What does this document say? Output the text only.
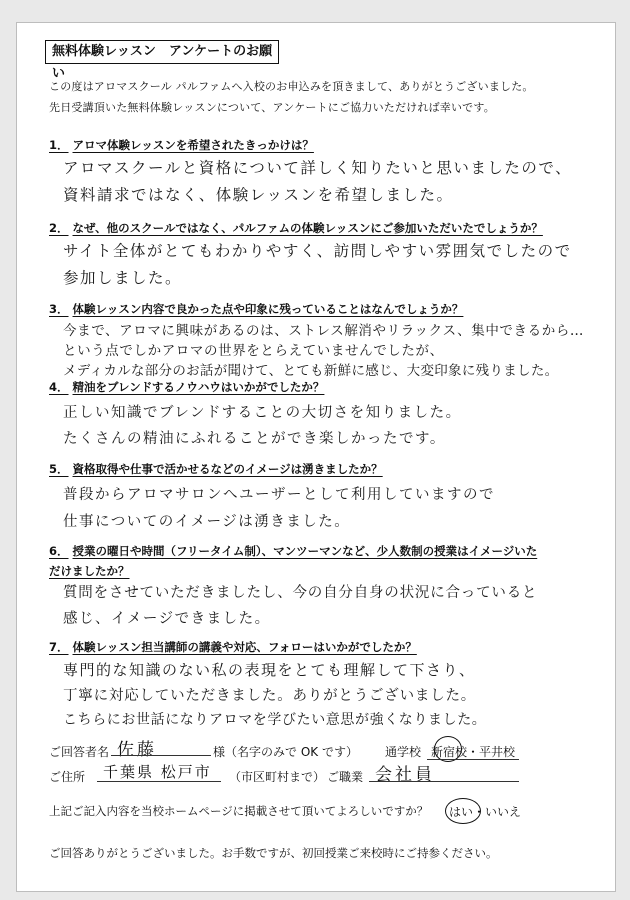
無料体験レッスン　アンケートのお願い
この度はアロマスクール パルファムへ入校のお申込みを頂きまして、ありがとうございました。
先日受講頂いた無料体験レッスンについて、アンケートにご協力いただければ幸いです。
1． アロマ体験レッスンを希望されたきっかけは？
アロマスクールと資格について詳しく知りたいと思いましたので、
資料請求ではなく、体験レッスンを希望しました。
2． なぜ、他のスクールではなく、パルファムの体験レッスンにご参加いただいたでしょうか？
サイト全体がとてもわかりやすく、訪問しやすい雰囲気でしたので
参加しました。
3． 体験レッスン内容で良かった点や印象に残っていることはなんでしょうか？
今まで、アロマに興味があるのは、ストレス解消やリラックス、集中できるから…
という点でしかアロマの世界をとらえていませんでしたが、
メディカルな部分のお話が聞けて、とても新鮮に感じ、大変印象に残りました。
4． 精油をブレンドするノウハウはいかがでしたか？
正しい知識でブレンドすることの大切さを知りました。
たくさんの精油にふれることができ楽しかったです。
5． 資格取得や仕事で活かせるなどのイメージは湧きましたか？
普段からアロマサロンへユーザーとして利用していますので
仕事についてのイメージは湧きました。
6． 授業の曜日や時間（フリータイム制）、マンツーマンなど、少人数制の授業はイメージいた
だけましたか？
質問をさせていただきましたし、今の自分自身の状況に合っていると
感じ、イメージできました。
7． 体験レッスン担当講師の講義や対応、フォローはいかがでしたか？
専門的な知識のない私の表現をとても理解して下さり、
丁寧に対応していただきました。ありがとうございました。
こちらにお世話になりアロマを学びたい意思が強くなりました。
ご回答者名 佐藤	様（名字のみで OK です） 通学校 新宿校・平井校
ご住所 千葉県 松戸市 （市区町村まで） ご職業 会社員
上記ご記入内容を当校ホームページに掲載させて頂いてよろしいですか？ はい・いいえ
ご回答ありがとうございました。お手数ですが、初回授業ご来校時にご持参ください。
